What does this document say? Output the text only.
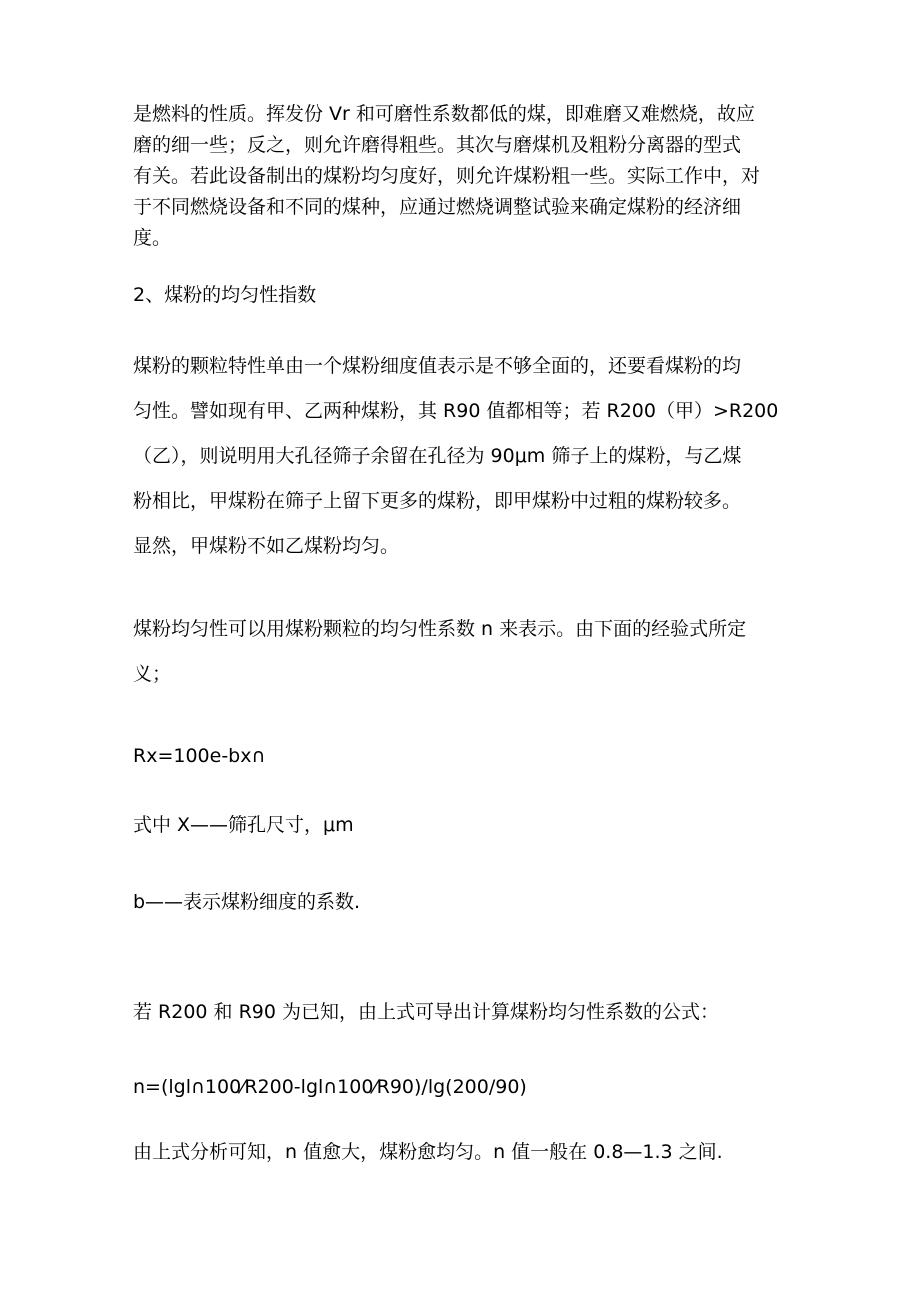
是燃料的性质。挥发份 Vr 和可磨性系数都低的煤，即难磨又难燃烧，故应
磨的细一些；反之，则允许磨得粗些。其次与磨煤机及粗粉分离器的型式
有关。若此设备制出的煤粉均匀度好，则允许煤粉粗一些。实际工作中，对
于不同燃烧设备和不同的煤种，应通过燃烧调整试验来确定煤粉的经济细
度。
2、煤粉的均匀性指数
煤粉的颗粒特性单由一个煤粉细度值表示是不够全面的，还要看煤粉的均
匀性。譬如现有甲、乙两种煤粉，其 R90 值都相等；若 R200（甲）>R200
（乙），则说明用大孔径筛子余留在孔径为 90μm 筛子上的煤粉，与乙煤
粉相比，甲煤粉在筛子上留下更多的煤粉，即甲煤粉中过粗的煤粉较多。
显然，甲煤粉不如乙煤粉均匀。
煤粉均匀性可以用煤粉颗粒的均匀性系数 n 来表示。由下面的经验式所定
义；
Rx=100e-bx∩
式中 X——筛孔尺寸，μm
b——表示煤粉细度的系数.
若 R200 和 R90 为已知，由上式可导出计算煤粉均匀性系数的公式：
n=(lgl∩100⁄R200-lgl∩100⁄R90)/lg(200/90)
由上式分析可知，n 值愈大，煤粉愈均匀。n 值一般在 0.8—1.3 之间.
